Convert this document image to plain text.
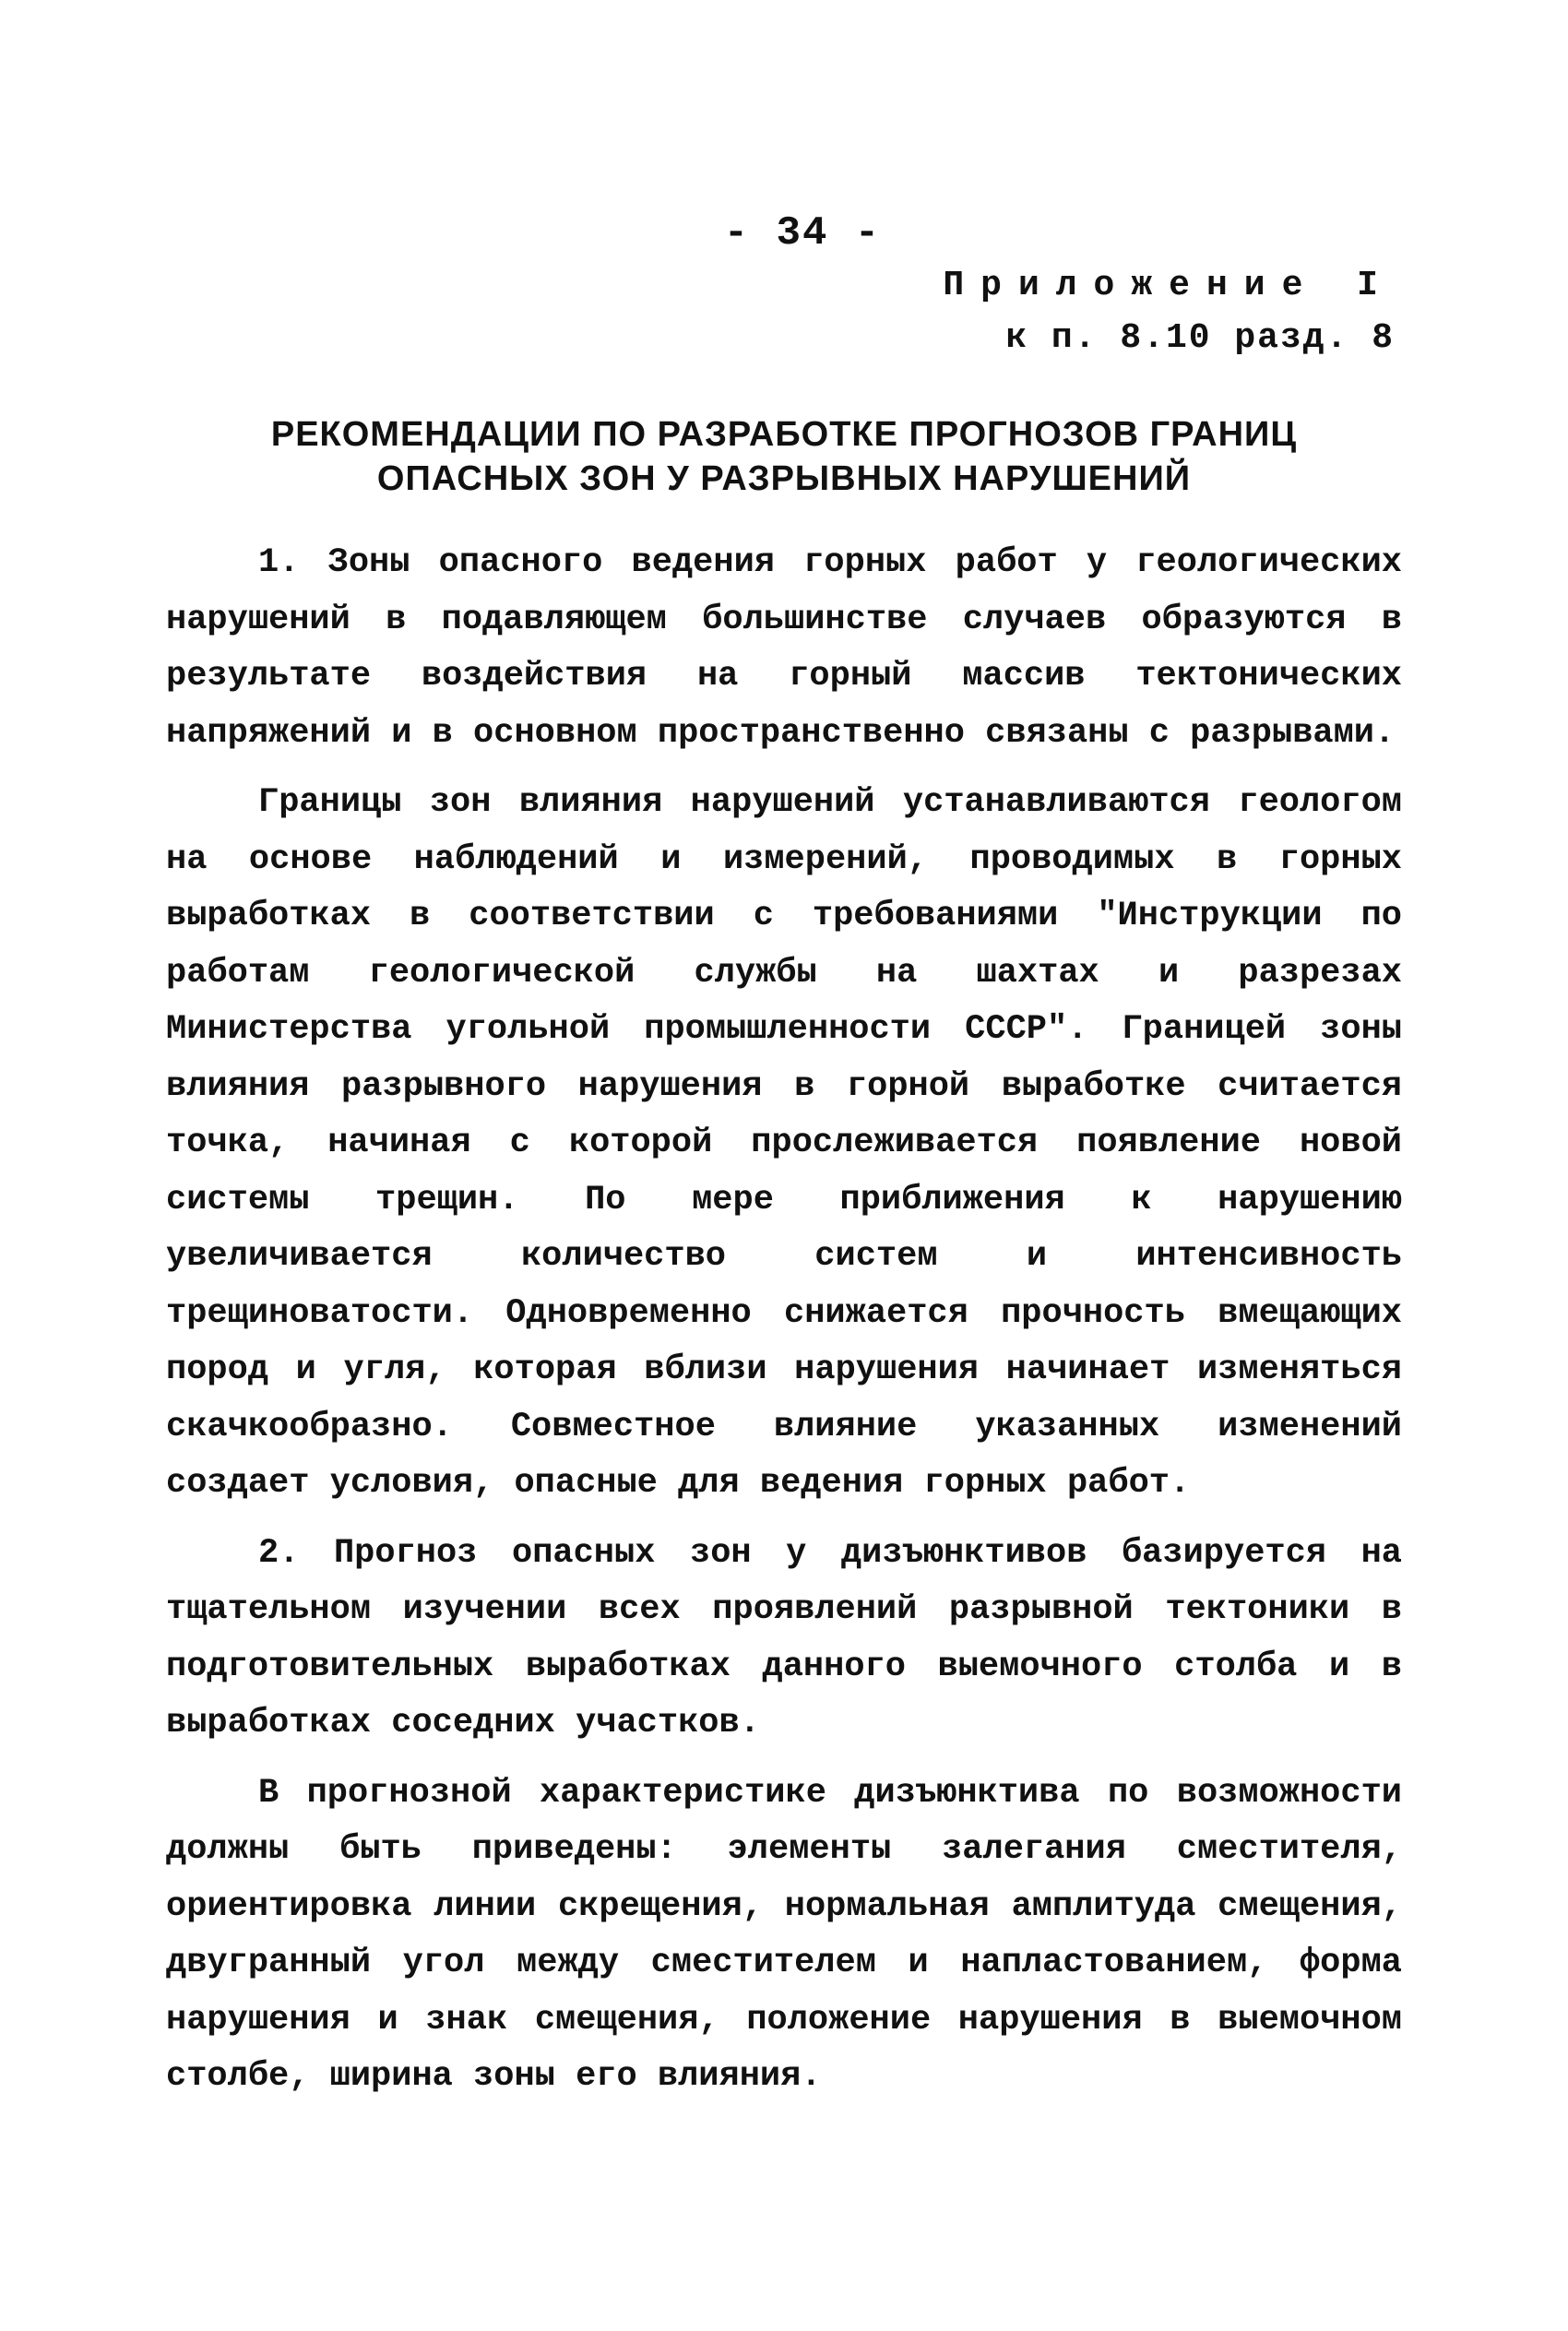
- 34 -
Приложение I
к п. 8.10 разд. 8
РЕКОМЕНДАЦИИ ПО РАЗРАБОТКЕ ПРОГНОЗОВ ГРАНИЦ
ОПАСНЫХ ЗОН У РАЗРЫВНЫХ НАРУШЕНИЙ

1. Зоны опасного ведения горных работ у геологических нарушений в подавляющем большинстве случаев образуются в результате воздействия на горный массив тектонических напряжений и в основном пространственно связаны с разрывами.

Границы зон влияния нарушений устанавливаются геологом на основе наблюдений и измерений, проводимых в горных выработках в соответствии с требованиями "Инструкции по работам геологической службы на шахтах и разрезах Министерства угольной промышленности СССР". Границей зоны влияния разрывного нарушения в горной выработке считается точка, начиная с которой прослеживается появление новой системы трещин. По мере приближения к нарушению увеличивается количество систем и интенсивность трещиноватости. Одновременно снижается прочность вмещающих пород и угля, которая вблизи нарушения начинает изменяться скачкообразно. Совместное влияние указанных изменений создает условия, опасные для ведения горных работ.

2. Прогноз опасных зон у дизъюнктивов базируется на тщательном изучении всех проявлений разрывной тектоники в подготовительных выработках данного выемочного столба и в выработках соседних участков.

В прогнозной характеристике дизъюнктива по возможности должны быть приведены: элементы залегания сместителя, ориентировка линии скрещения, нормальная амплитуда смещения, двугранный угол между сместителем и напластованием, форма нарушения и знак смещения, положение нарушения в выемочном столбе, ширина зоны его влияния.
